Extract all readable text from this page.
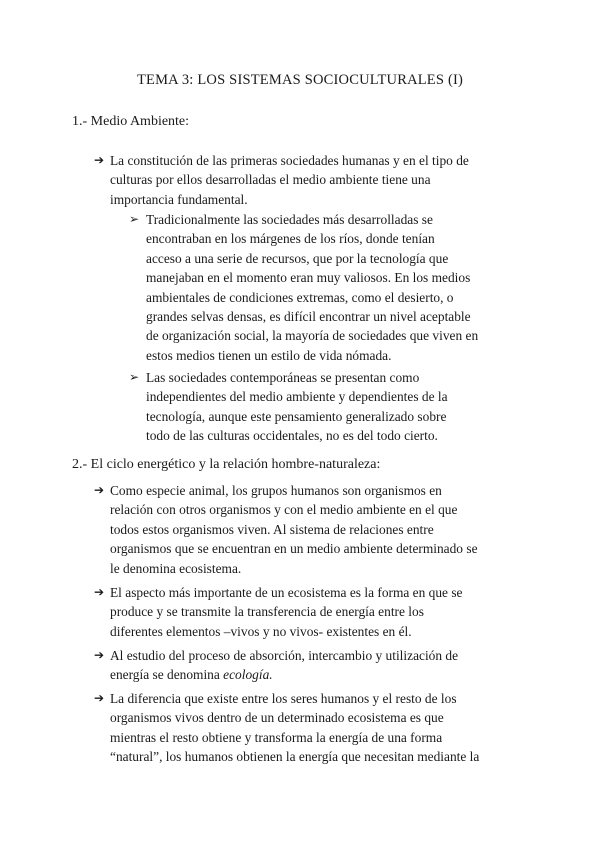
TEMA 3: LOS SISTEMAS SOCIOCULTURALES (I)
1.- Medio Ambiente:
➔ La constitución de las primeras sociedades humanas y en el tipo de
culturas por ellos desarrolladas el medio ambiente tiene una
importancia fundamental.
➢ Tradicionalmente las sociedades más desarrolladas se
encontraban en los márgenes de los ríos, donde tenían
acceso a una serie de recursos, que por la tecnología que
manejaban en el momento eran muy valiosos. En los medios
ambientales de condiciones extremas, como el desierto, o
grandes selvas densas, es difícil encontrar un nivel aceptable
de organización social, la mayoría de sociedades que viven en
estos medios tienen un estilo de vida nómada.
➢ Las sociedades contemporáneas se presentan como
independientes del medio ambiente y dependientes de la
tecnología, aunque este pensamiento generalizado sobre
todo de las culturas occidentales, no es del todo cierto.
2.- El ciclo energético y la relación hombre-naturaleza:
➔ Como especie animal, los grupos humanos son organismos en
relación con otros organismos y con el medio ambiente en el que
todos estos organismos viven. Al sistema de relaciones entre
organismos que se encuentran en un medio ambiente determinado se
le denomina ecosistema.
➔ El aspecto más importante de un ecosistema es la forma en que se
produce y se transmite la transferencia de energía entre los
diferentes elementos –vivos y no vivos- existentes en él.
➔ Al estudio del proceso de absorción, intercambio y utilización de
energía se denomina ecología.
➔ La diferencia que existe entre los seres humanos y el resto de los
organismos vivos dentro de un determinado ecosistema es que
mientras el resto obtiene y transforma la energía de una forma
“natural”, los humanos obtienen la energía que necesitan mediante la
